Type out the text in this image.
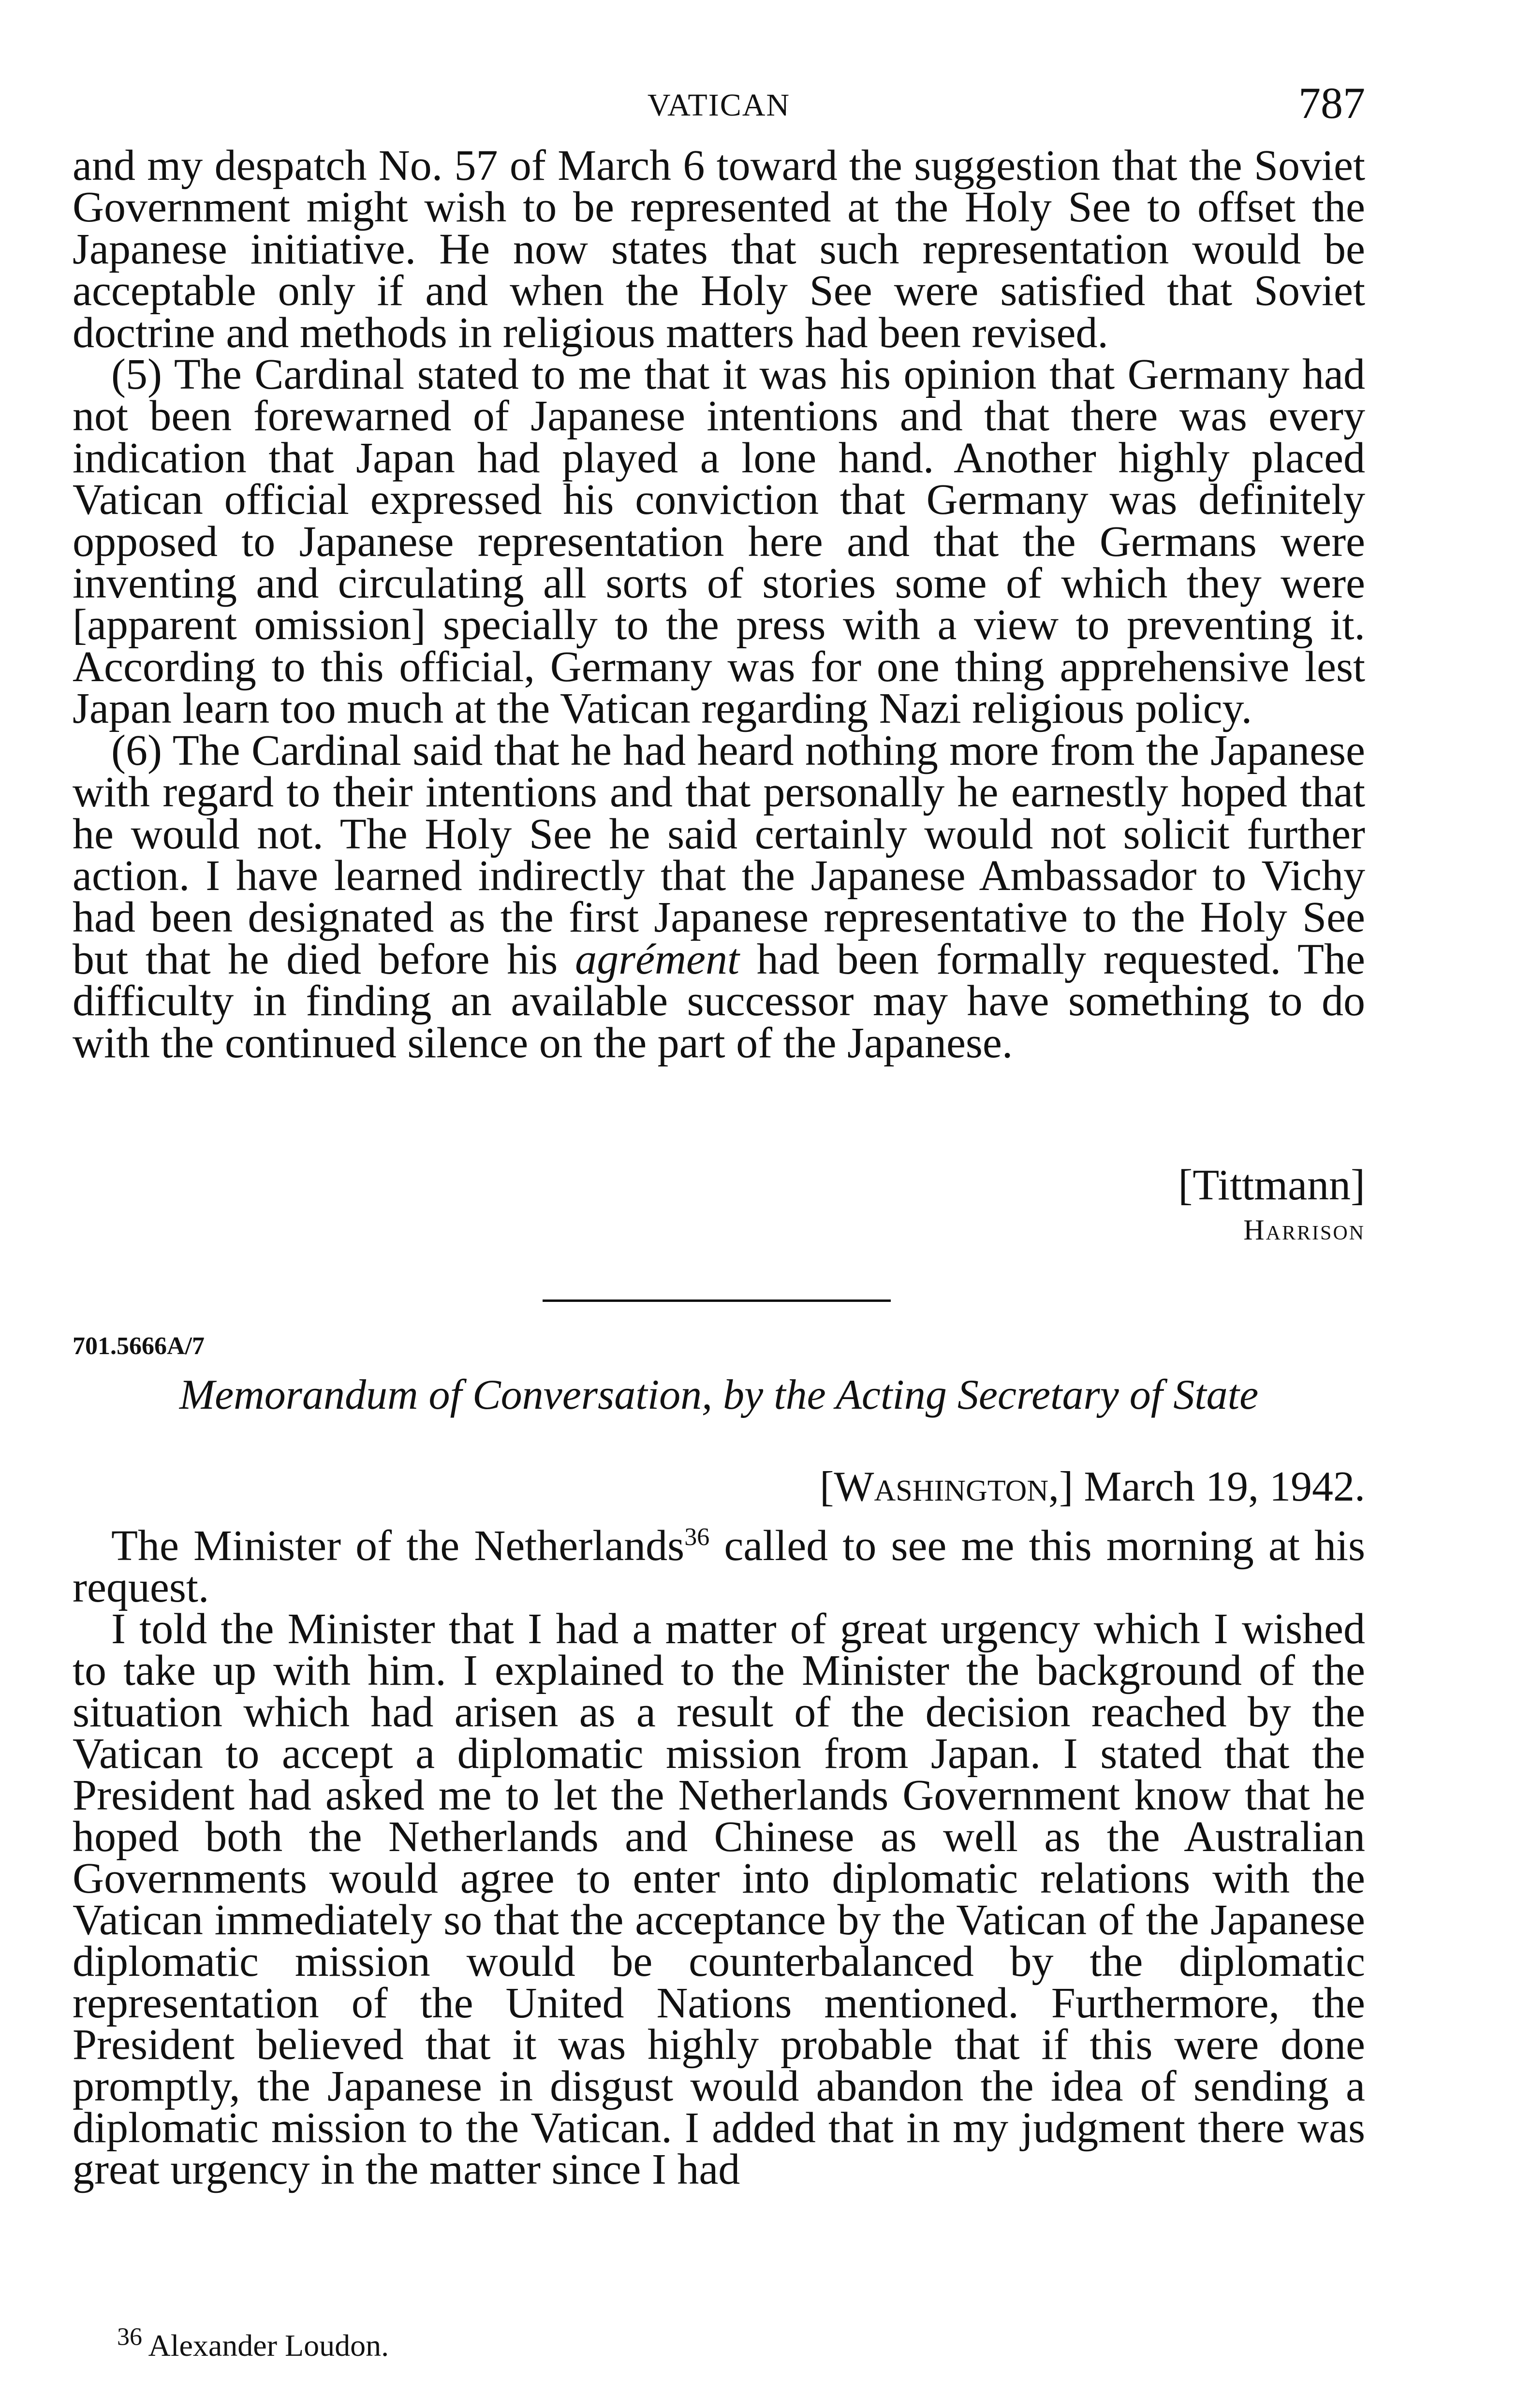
VATICAN	787

and my despatch No. 57 of March 6 toward the suggestion that the Soviet Government might wish to be represented at the Holy See to offset the Japanese initiative. He now states that such representation would be acceptable only if and when the Holy See were satisfied that Soviet doctrine and methods in religious matters had been revised.

(5) The Cardinal stated to me that it was his opinion that Germany had not been forewarned of Japanese intentions and that there was every indication that Japan had played a lone hand. Another highly placed Vatican official expressed his conviction that Germany was definitely opposed to Japanese representation here and that the Germans were inventing and circulating all sorts of stories some of which they were [apparent omission] specially to the press with a view to preventing it. According to this official, Germany was for one thing apprehensive lest Japan learn too much at the Vatican regarding Nazi religious policy.

(6) The Cardinal said that he had heard nothing more from the Japanese with regard to their intentions and that personally he earnestly hoped that he would not. The Holy See he said certainly would not solicit further action. I have learned indirectly that the Japanese Ambassador to Vichy had been designated as the first Japanese representative to the Holy See but that he died before his agrément had been formally requested. The difficulty in finding an available successor may have something to do with the continued silence on the part of the Japanese.

[Tittmann]
Harrison
701.5666A/7
Memorandum of Conversation, by the Acting Secretary of State
[Washington,] March 19, 1942.

The Minister of the Netherlands$^{36}$ called to see me this morning at his request.

I told the Minister that I had a matter of great urgency which I wished to take up with him. I explained to the Minister the background of the situation which had arisen as a result of the decision reached by the Vatican to accept a diplomatic mission from Japan. I stated that the President had asked me to let the Netherlands Government know that he hoped both the Netherlands and Chinese as well as the Australian Governments would agree to enter into diplomatic relations with the Vatican immediately so that the acceptance by the Vatican of the Japanese diplomatic mission would be counterbalanced by the diplomatic representation of the United Nations mentioned. Furthermore, the President believed that it was highly probable that if this were done promptly, the Japanese in disgust would abandon the idea of sending a diplomatic mission to the Vatican. I added that in my judgment there was great urgency in the matter since I had

$^{36}$ Alexander Loudon.
